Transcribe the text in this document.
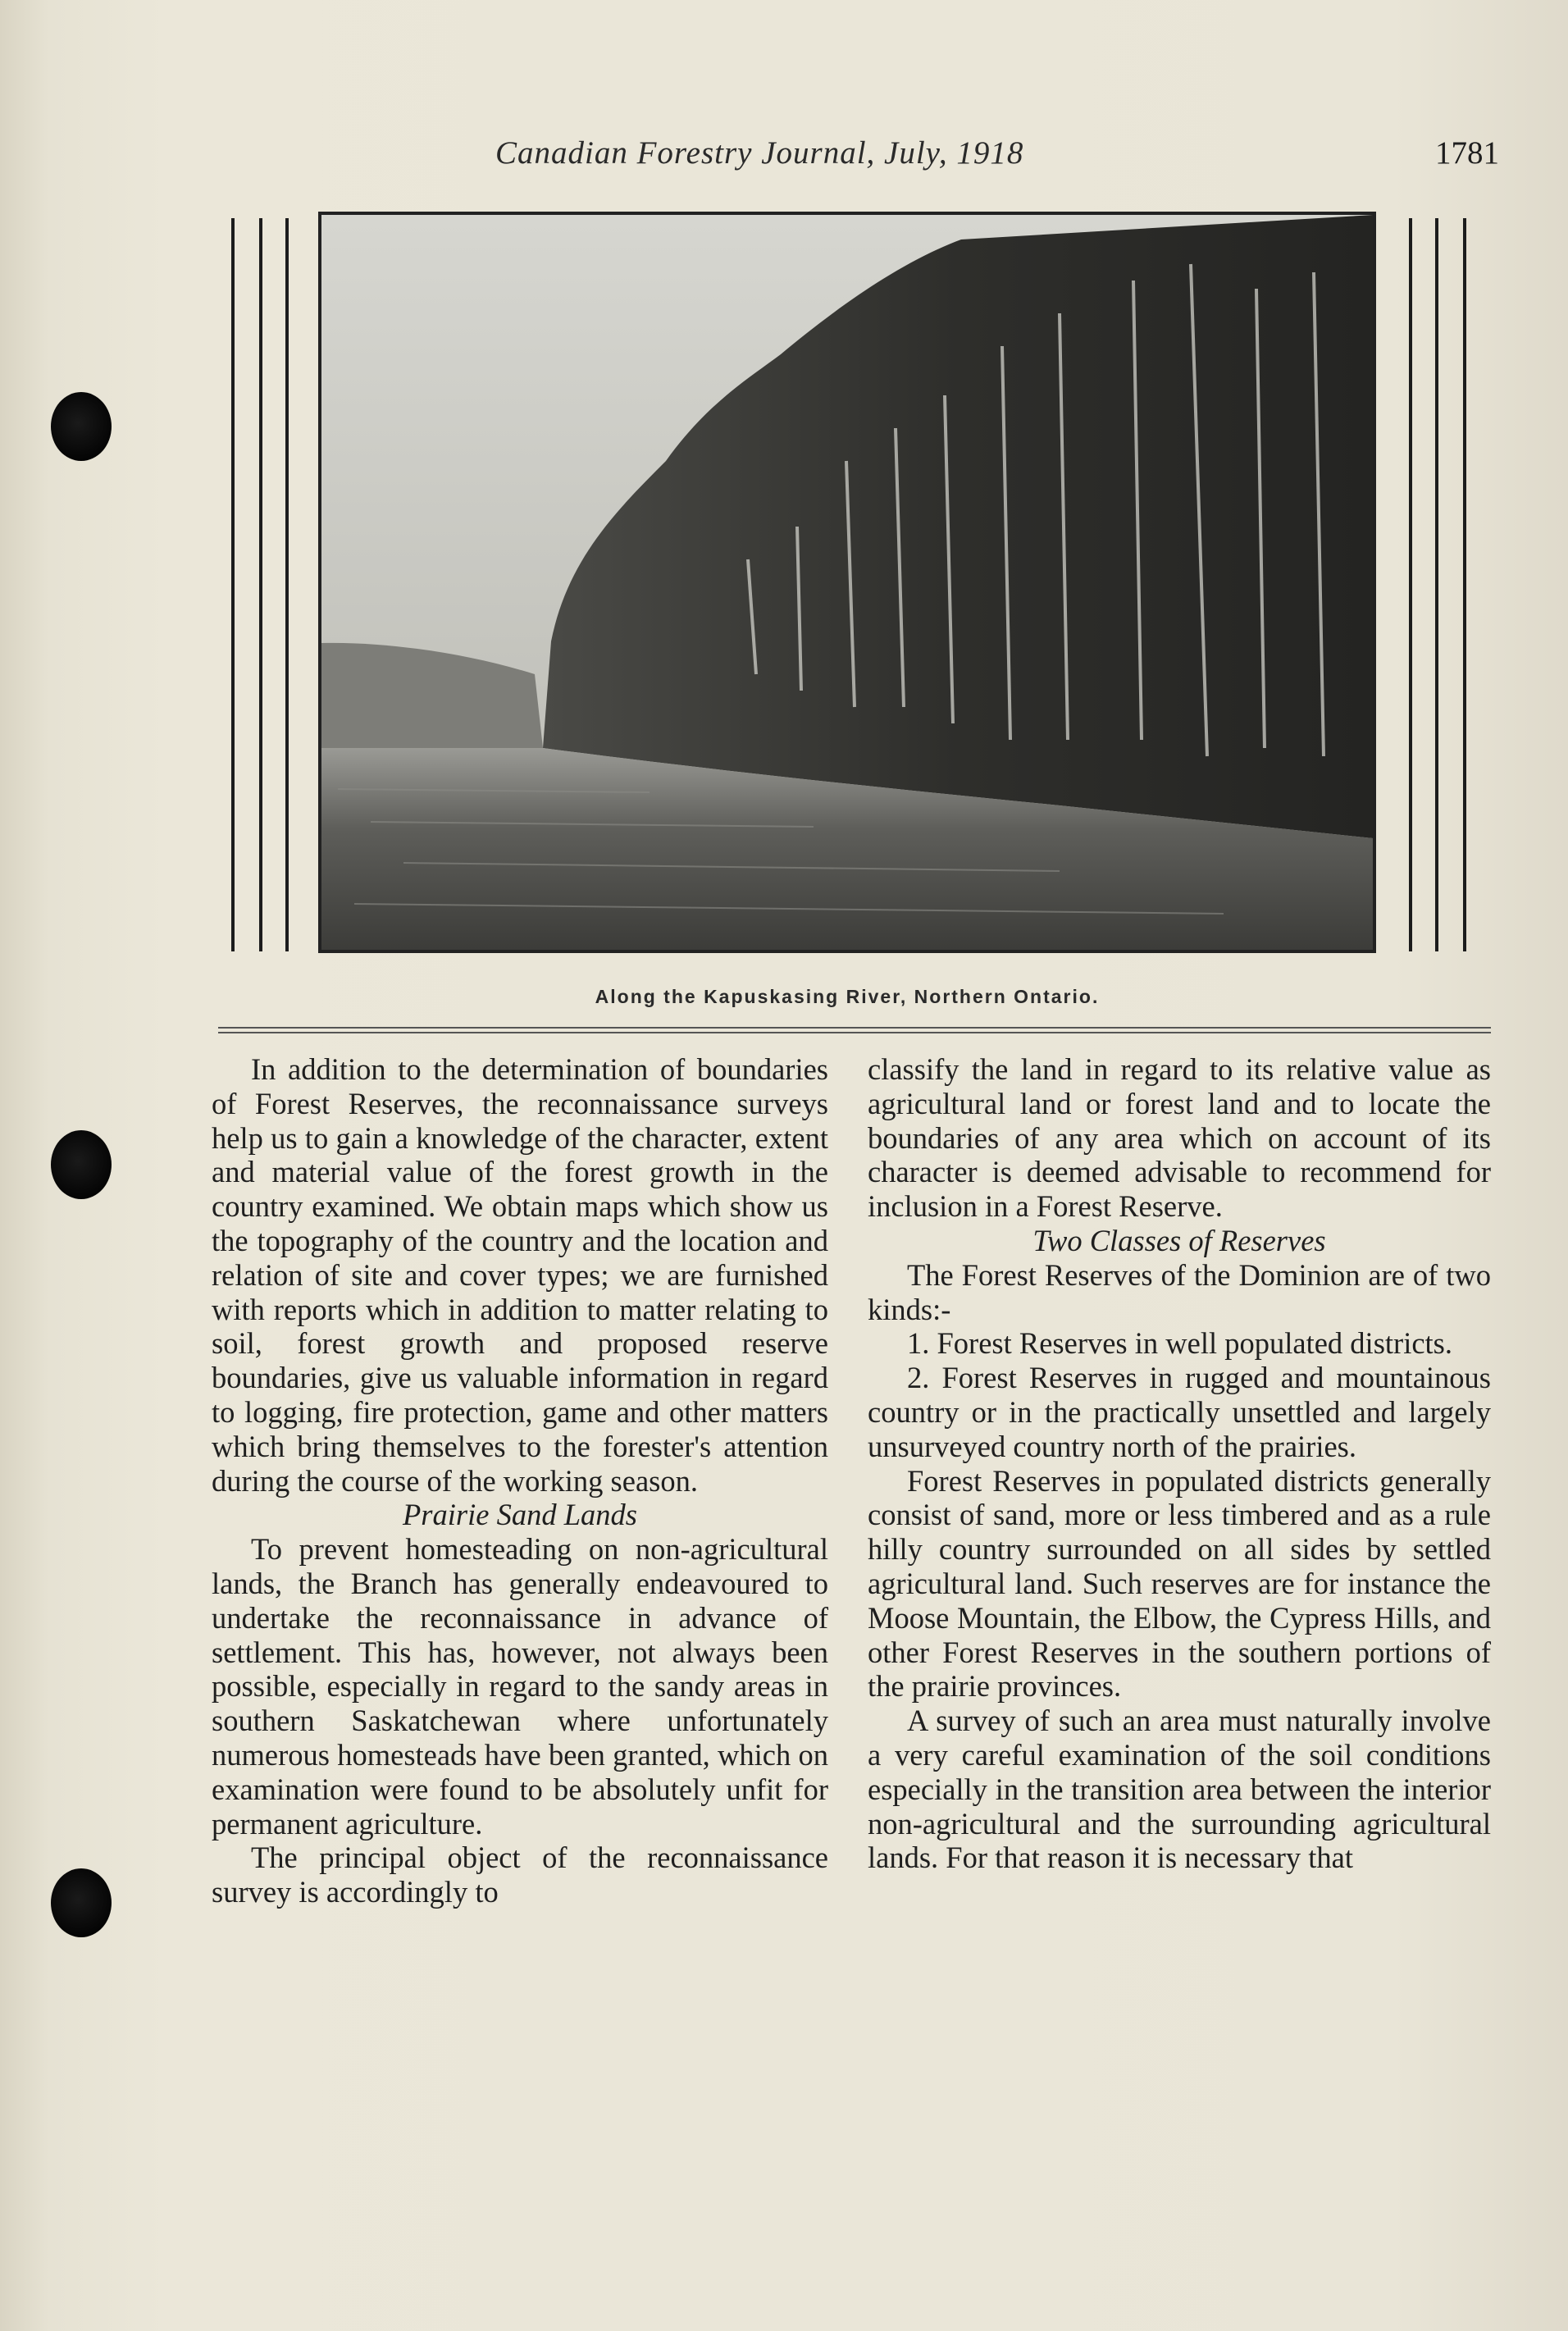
Canadian Forestry Journal, July, 1918	1781
Along the Kapuskasing River, Northern Ontario.

In addition to the determination of boundaries of Forest Reserves, the reconnaissance surveys help us to gain a knowledge of the character, extent and material value of the forest growth in the country examined. We obtain maps which show us the topography of the country and the location and relation of site and cover types; we are furnished with reports which in addition to matter relating to soil, forest growth and proposed reserve boundaries, give us valuable information in regard to logging, fire protection, game and other matters which bring themselves to the forester's attention during the course of the working season.

Prairie Sand Lands

To prevent homesteading on non-agricultural lands, the Branch has generally endeavoured to undertake the reconnaissance in advance of settlement. This has, however, not always been possible, especially in regard to the sandy areas in southern Saskatchewan where unfortunately numerous homesteads have been granted, which on examination were found to be absolutely unfit for permanent agriculture.

The principal object of the reconnaissance survey is accordingly to

classify the land in regard to its relative value as agricultural land or forest land and to locate the boundaries of any area which on account of its character is deemed advisable to recommend for inclusion in a Forest Reserve.

Two Classes of Reserves

The Forest Reserves of the Dominion are of two kinds:-

1. Forest Reserves in well populated districts.

2. Forest Reserves in rugged and mountainous country or in the practically unsettled and largely unsurveyed country north of the prairies.

Forest Reserves in populated districts generally consist of sand, more or less timbered and as a rule hilly country surrounded on all sides by settled agricultural land. Such reserves are for instance the Moose Mountain, the Elbow, the Cypress Hills, and other Forest Reserves in the southern portions of the prairie provinces.

A survey of such an area must naturally involve a very careful examination of the soil conditions especially in the transition area between the interior non-agricultural and the surrounding agricultural lands. For that reason it is necessary that
